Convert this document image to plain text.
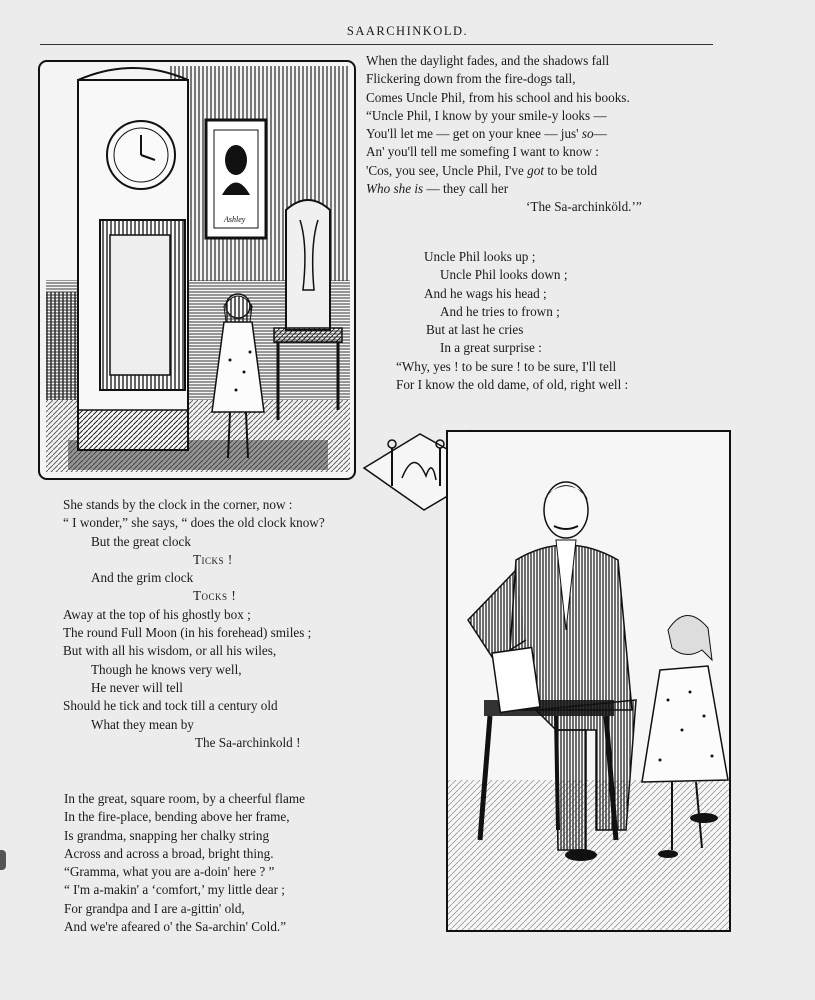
SAARCHINKOLD.
Ashley
When the daylight fades, and the shadows fall
Flickering down from the fire-dogs tall,
Comes Uncle Phil, from his school and his books.
“Uncle Phil, I know by your smile-y looks —
You'll let me — get on your knee — jus' so—
An' you'll tell me somefing I want to know :
'Cos, you see, Uncle Phil, I've got to be told
Who she is — they call her
‘The Sa-archinköld.’”
Uncle Phil looks up ;
Uncle Phil looks down ;
And he wags his head ;
And he tries to frown ;
But at last he cries
In a great surprise :
“Why, yes ! to be sure ! to be sure, I'll tell
For I know the old dame, of old, right well :
She stands by the clock in the corner, now :
“ I wonder,” she says, “ does the old clock know?
But the great clock
Ticks !
And the grim clock
Tocks !
Away at the top of his ghostly box ;
The round Full Moon (in his forehead) smiles ;
But with all his wisdom, or all his wiles,
Though he knows very well,
He never will tell
Should he tick and tock till a century old
What they mean by
The Sa-archinkold !
In the great, square room, by a cheerful flame
In the fire-place, bending above her frame,
Is grandma, snapping her chalky string
Across and across a broad, bright thing.
“Gramma, what you are a-doin' here ? ”
“ I'm a-makin' a ‘comfort,’ my little dear ;
For grandpa and I are a-gittin' old,
And we're afeared o' the Sa-archin' Cold.”
